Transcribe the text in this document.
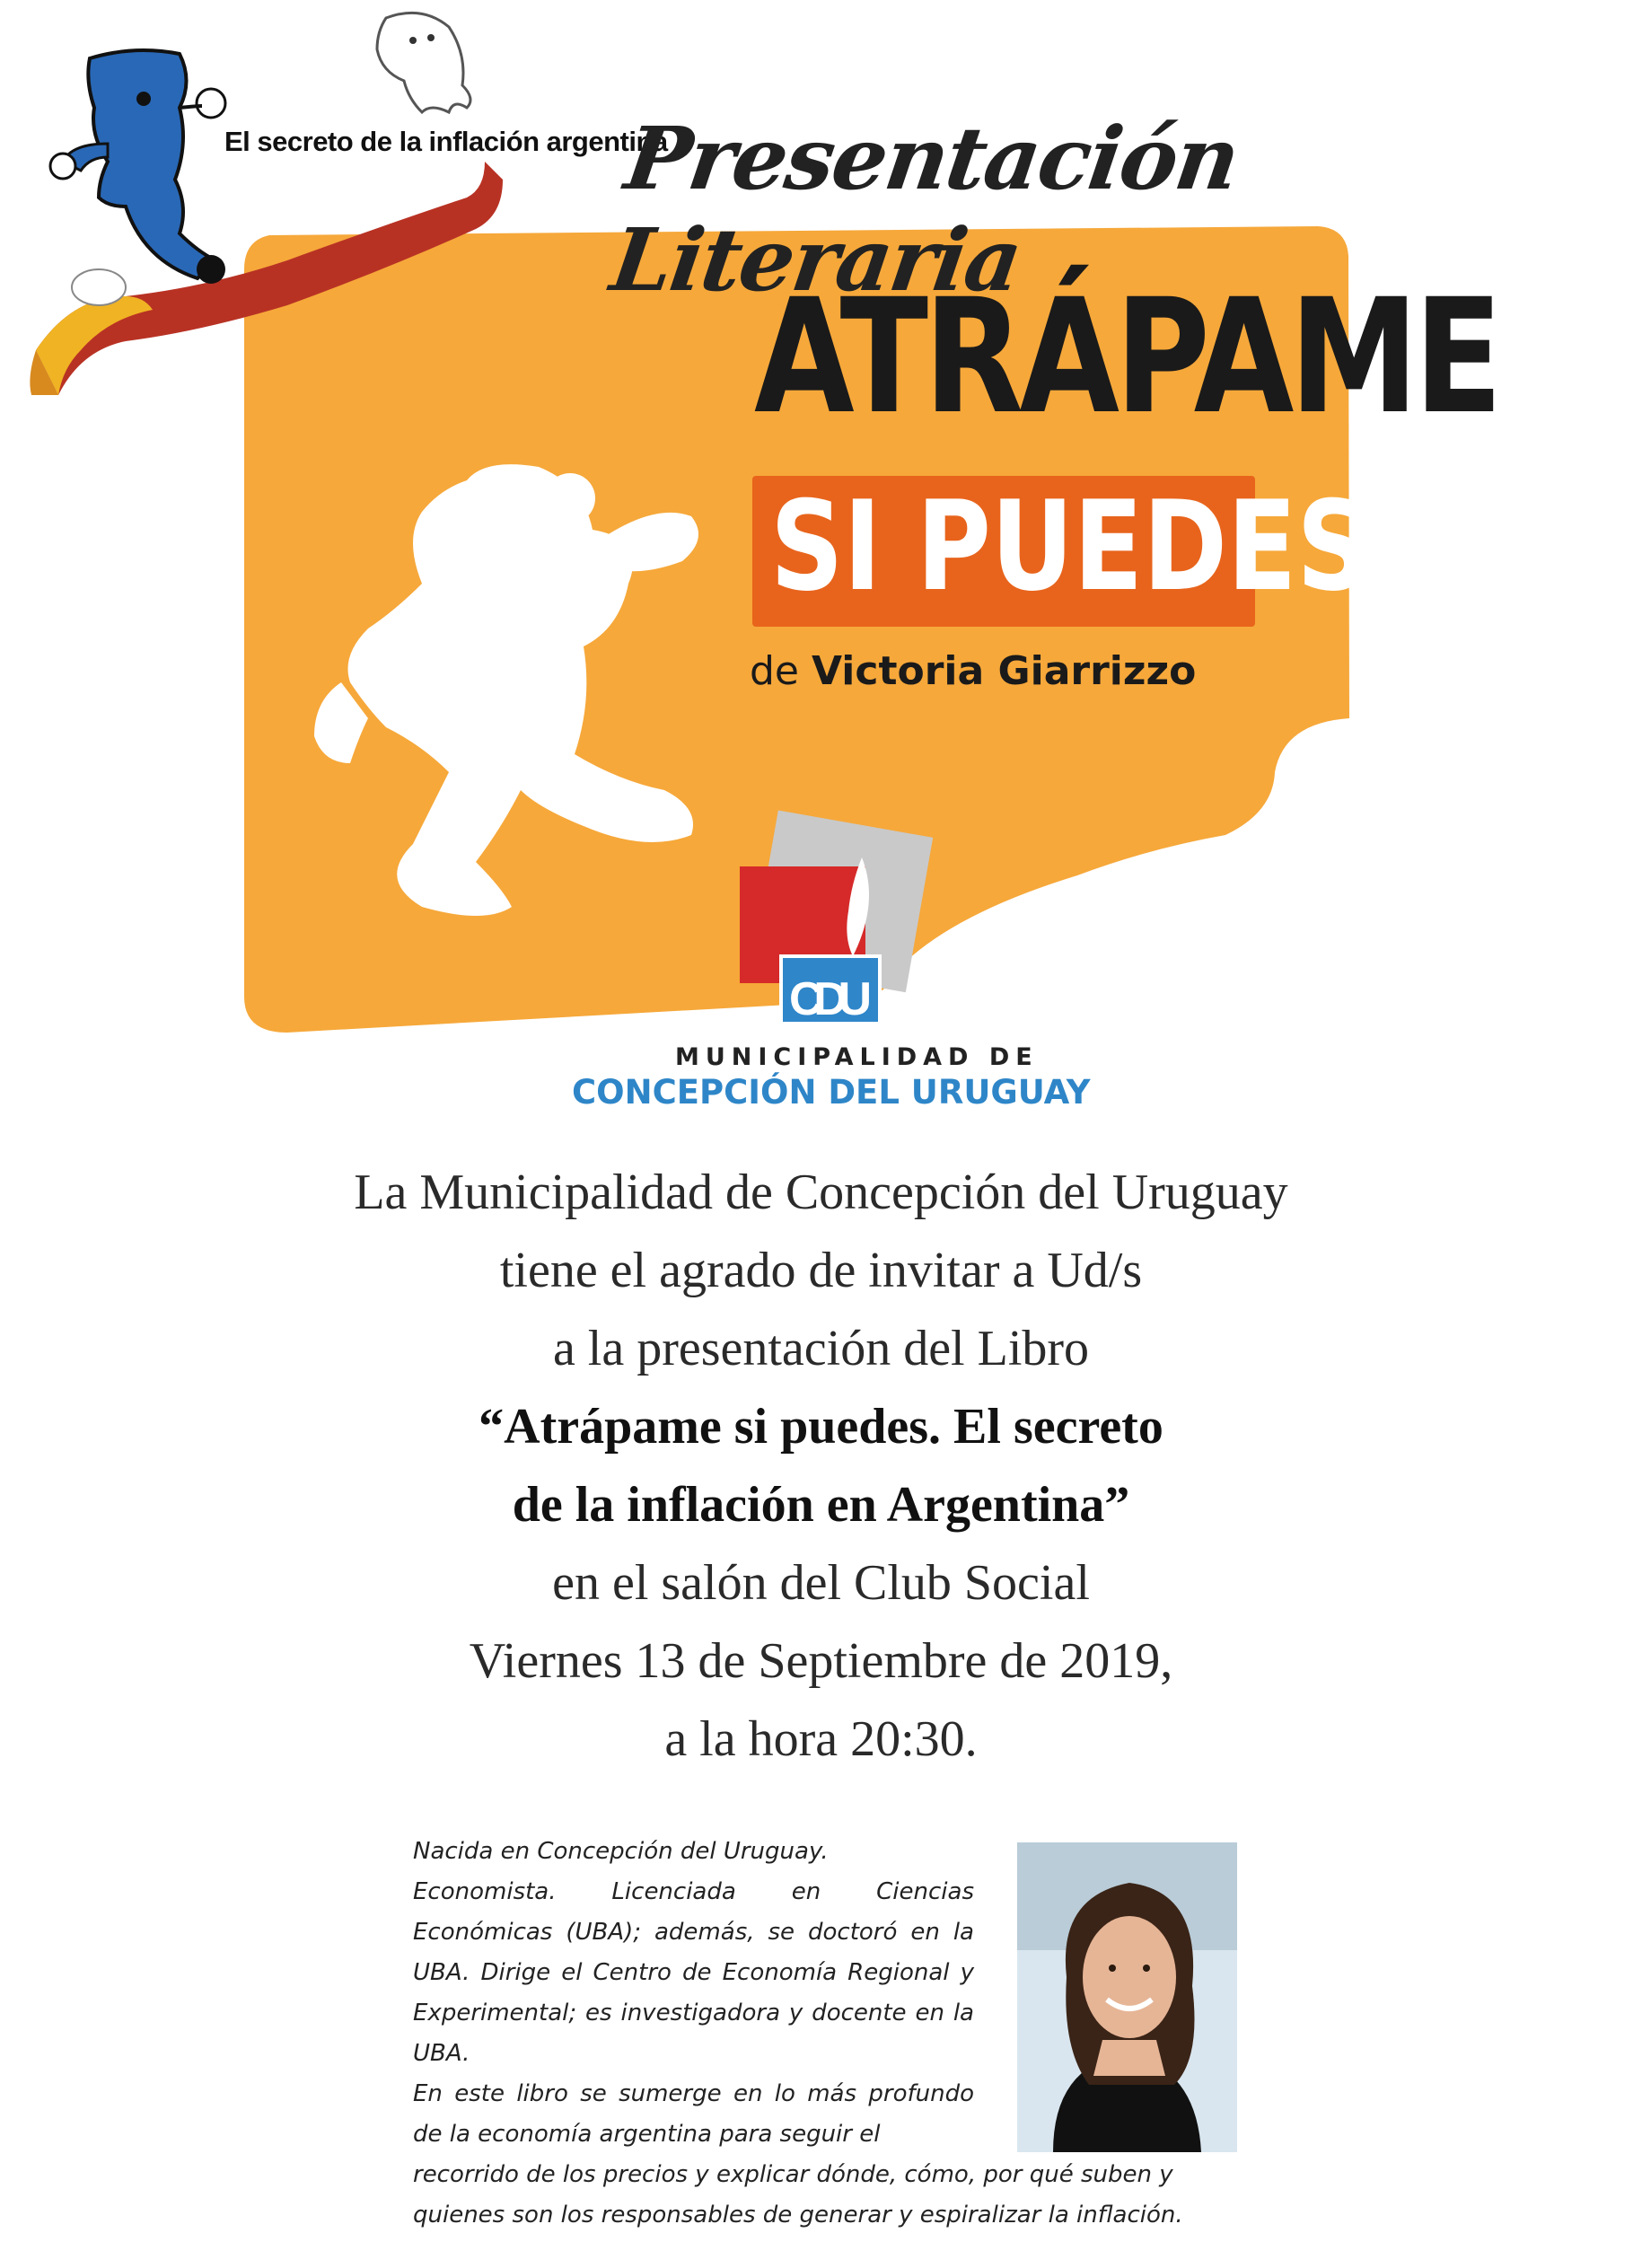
CDU
El secreto de la inflación argentina
Presentación Literaria
ATRÁPAME
SI PUEDES
de Victoria Giarrizzo
MUNICIPALIDAD DE
CONCEPCIÓN DEL URUGUAY
La Municipalidad de Concepción del Uruguay
tiene el agrado de invitar a Ud/s
a la presentación del Libro
“Atrápame si puedes. El secreto
de la inflación en Argentina”
en el salón del Club Social
Viernes 13 de Septiembre de 2019,
a la hora 20:30.

Nacida en Concepción del Uruguay.

Economista. Licenciada en Ciencias Económicas (UBA); además, se doctoró en la UBA. Dirige el Centro de Economía Regional y Experimental; es investigadora y docente en la UBA.

En este libro se sumerge en lo más profundo de la economía argentina para seguir el

recorrido de los precios y explicar dónde, cómo, por qué suben y quienes son los responsables de generar y espiralizar la inflación.
